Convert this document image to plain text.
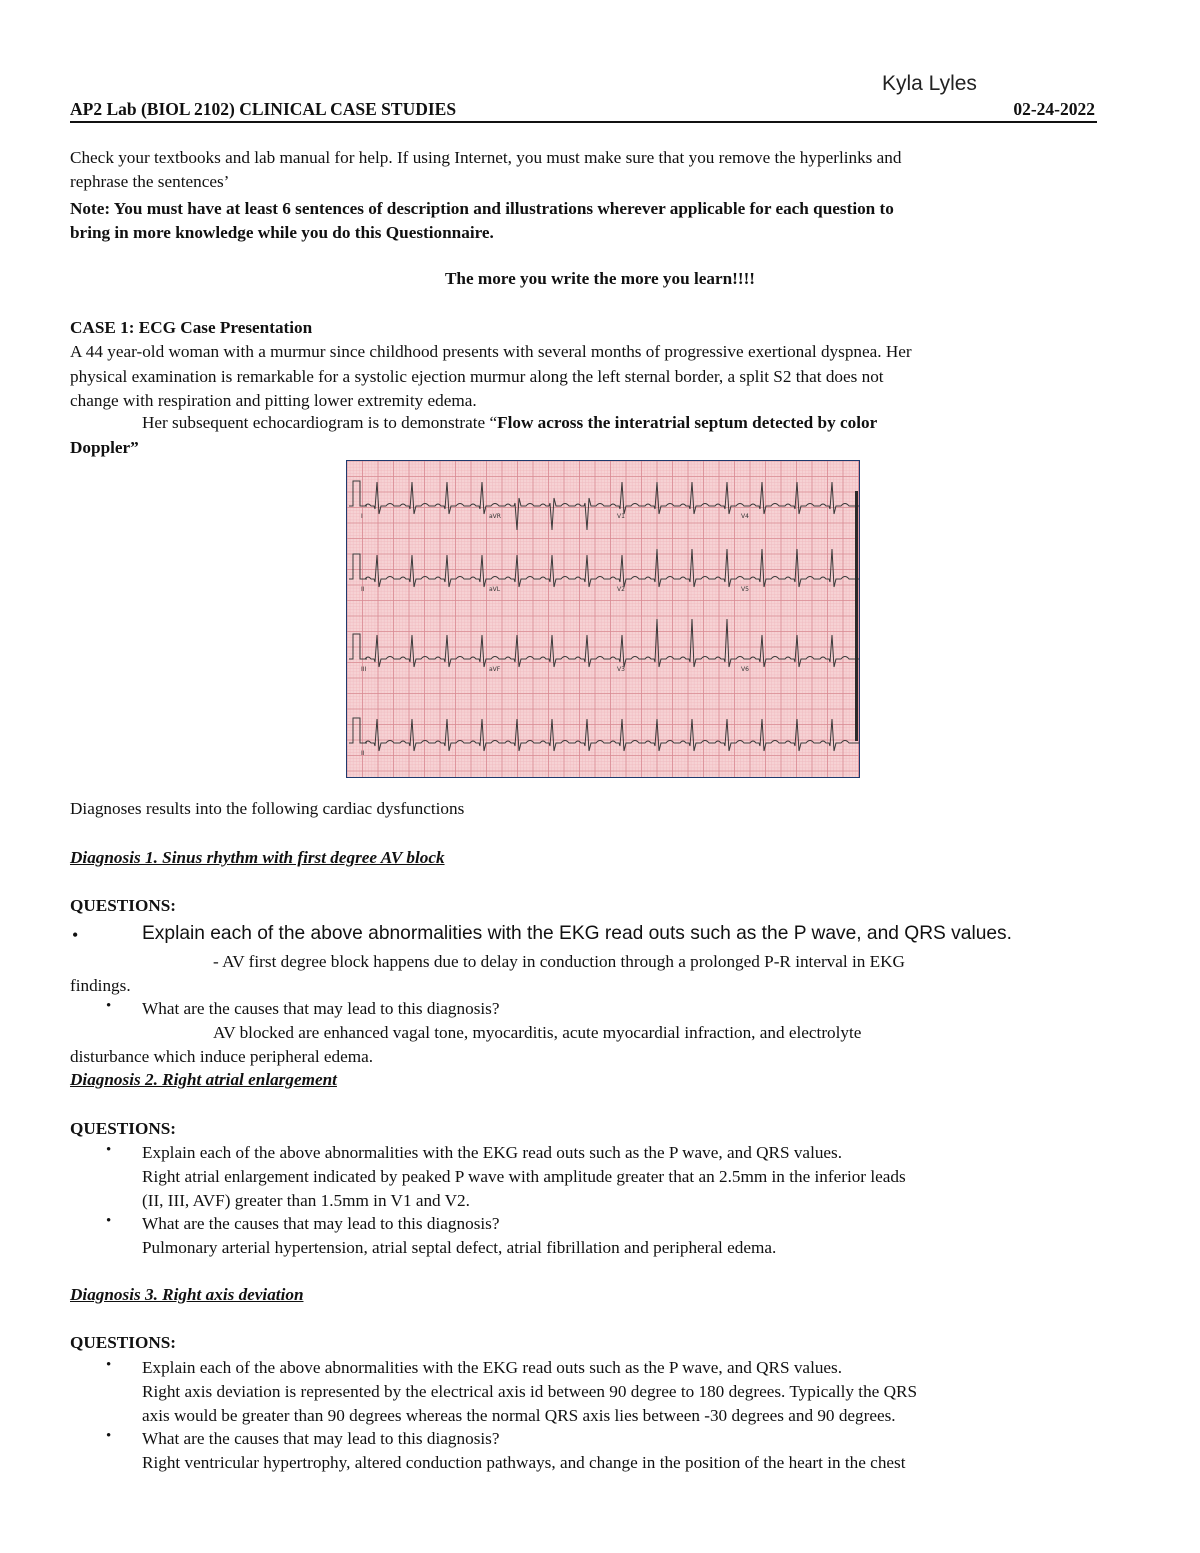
Kyla Lyles
AP2 Lab (BIOL 2102) CLINICAL CASE STUDIES	02-24-2022
Check your textbooks and lab manual for help. If using Internet, you must make sure that you remove the hyperlinks and
rephrase the sentences’
Note: You must have at least 6 sentences of description and illustrations wherever applicable for each question to
bring in more knowledge while you do this Questionnaire.
The more you write the more you learn!!!!
CASE 1: ECG Case Presentation
A 44 year-old woman with a murmur since childhood presents with several months of progressive exertional dyspnea. Her
physical examination is remarkable for a systolic ejection murmur along the left sternal border, a split S2 that does not
change with respiration and pitting lower extremity edema.
Her subsequent echocardiogram is to demonstrate “Flow across the interatrial septum detected by color
Doppler”
I	aVR	V1	V4
II	aVL	V2	V5
III	aVF	V3	V6
II
Diagnoses results into the following cardiac dysfunctions
Diagnosis 1. Sinus rhythm with first degree AV block
QUESTIONS:
•	Explain each of the above abnormalities with the EKG read outs such as the P wave, and QRS values.
- AV first degree block happens due to delay in conduction through a prolonged P-R interval in EKG
findings.
• What are the causes that may lead to this diagnosis?
AV blocked are enhanced vagal tone, myocarditis, acute myocardial infraction, and electrolyte
disturbance which induce peripheral edema.
Diagnosis 2. Right atrial enlargement
QUESTIONS:
• Explain each of the above abnormalities with the EKG read outs such as the P wave, and QRS values.
Right atrial enlargement indicated by peaked P wave with amplitude greater that an 2.5mm in the inferior leads
(II, III, AVF) greater than 1.5mm in V1 and V2.
• What are the causes that may lead to this diagnosis?
Pulmonary arterial hypertension, atrial septal defect, atrial fibrillation and peripheral edema.
Diagnosis 3. Right axis deviation
QUESTIONS:
• Explain each of the above abnormalities with the EKG read outs such as the P wave, and QRS values.
Right axis deviation is represented by the electrical axis id between 90 degree to 180 degrees. Typically the QRS
axis would be greater than 90 degrees whereas the normal QRS axis lies between -30 degrees and 90 degrees.
• What are the causes that may lead to this diagnosis?
Right ventricular hypertrophy, altered conduction pathways, and change in the position of the heart in the chest
